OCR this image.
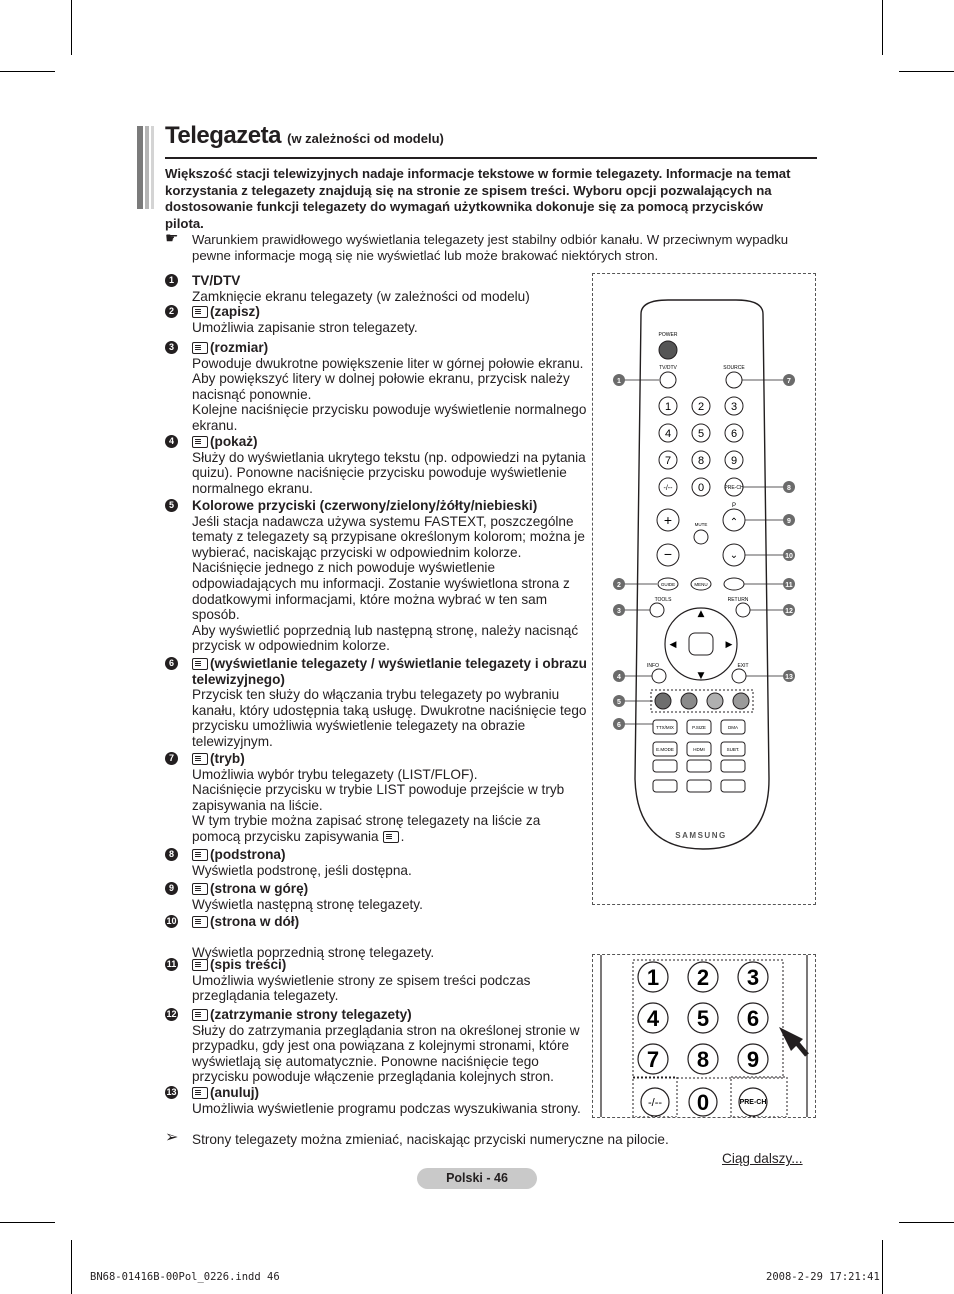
Telegazeta (w zależności od modelu)

Większość stacji telewizyjnych nadaje informacje tekstowe w formie telegazety. Informacje na temat korzystania z telegazety znajdują się na stronie ze spisem treści. Wyboru opcji pozwalających na dostosowanie funkcji telegazety do wymagań użytkownika dokonuje się za pomocą przycisków pilota.

☛ Warunkiem prawidłowego wyświetlania telegazety jest stabilny odbiór kanału. W przeciwnym wypadku pewne informacje mogą się nie wyświetlać lub może brakować niektórych stron.

1 TV/DTV
Zamknięcie ekranu telegazety (w zależności od modelu)
2	(zapisz)
Umożliwia zapisanie stron telegazety.
3	(rozmiar)
Powoduje dwukrotne powiększenie liter w górnej połowie ekranu. Aby powiększyć litery w dolnej połowie ekranu, przycisk należy nacisnąć ponownie.
Kolejne naciśnięcie przycisku powoduje wyświetlenie normalnego ekranu.
4	(pokaż)
Służy do wyświetlania ukrytego tekstu (np. odpowiedzi na pytania quizu). Ponowne naciśnięcie przycisku powoduje wyświetlenie normalnego ekranu.
5 Kolorowe przyciski (czerwony/zielony/żółty/niebieski)
Jeśli stacja nadawcza używa systemu FASTEXT, poszczególne tematy z telegazety są przypisane określonym kolorom; można je wybierać, naciskając przyciski w odpowiednim kolorze. Naciśnięcie jednego z nich powoduje wyświetlenie odpowiadających mu informacji. Zostanie wyświetlona strona z dodatkowymi informacjami, które można wybrać w ten sam sposób.
Aby wyświetlić poprzednią lub następną stronę, należy nacisnąć przycisk w odpowiednim kolorze.
6	(wyświetlanie telegazety / wyświetlanie telegazety i obrazu telewizyjnego)
Przycisk ten służy do włączania trybu telegazety po wybraniu kanału, który udostępnia taką usługę. Dwukrotne naciśnięcie tego przycisku umożliwia wyświetlenie telegazety na obrazie telewizyjnym.
7	(tryb)
Umożliwia wybór trybu telegazety (LIST/FLOF).
Naciśnięcie przycisku w trybie LIST powoduje przejście w tryb zapisywania na liście.
W tym trybie można zapisać stronę telegazety na liście za pomocą przycisku zapisywania .
8	(podstrona)
Wyświetla podstronę, jeśli dostępna.
9	(strona w górę)
Wyświetla następną stronę telegazety.
10	(strona w dół)

Wyświetla poprzednią stronę telegazety.
11	(spis treści)
Umożliwia wyświetlenie strony ze spisem treści podczas przeglądania telegazety.
12	(zatrzymanie strony telegazety)
Służy do zatrzymania przeglądania stron na określonej stronie w przypadku, gdy jest ona powiązana z kolejnymi stronami, które wyświetlają się automatycznie. Ponowne naciśnięcie tego przycisku powoduje włączenie przeglądania kolejnych stron.
13	(anuluj)
Umożliwia wyświetlenie programu podczas wyszukiwania strony.
➢ Strony telegazety można zmieniać, naciskając przyciski numeryczne na pilocie.

Ciąg dalszy...
Polski - 46
BN68-01416B-00Pol_0226.indd 46	2008-2-29 17:21:41
POWER
TV/DTV	SOURCE
1 2 3
4 5 6
7 8 9
-/-- 0	PRE-CH
P
+
−
MUTE ⌃
⌄
GUIDE	MENU
TOOLS	RETURN
▲
▼
◀	▶
INFO	EXIT
TTX/MIX	P.SIZE	DMA
E.MODE	HDMI	SUBT.
SAMSUNG
1
2
3
4
5
6
7
8
9
10
11
12
13
1 2 3
4 5 6
7 8 9
-/-- 0	PRE-CH
